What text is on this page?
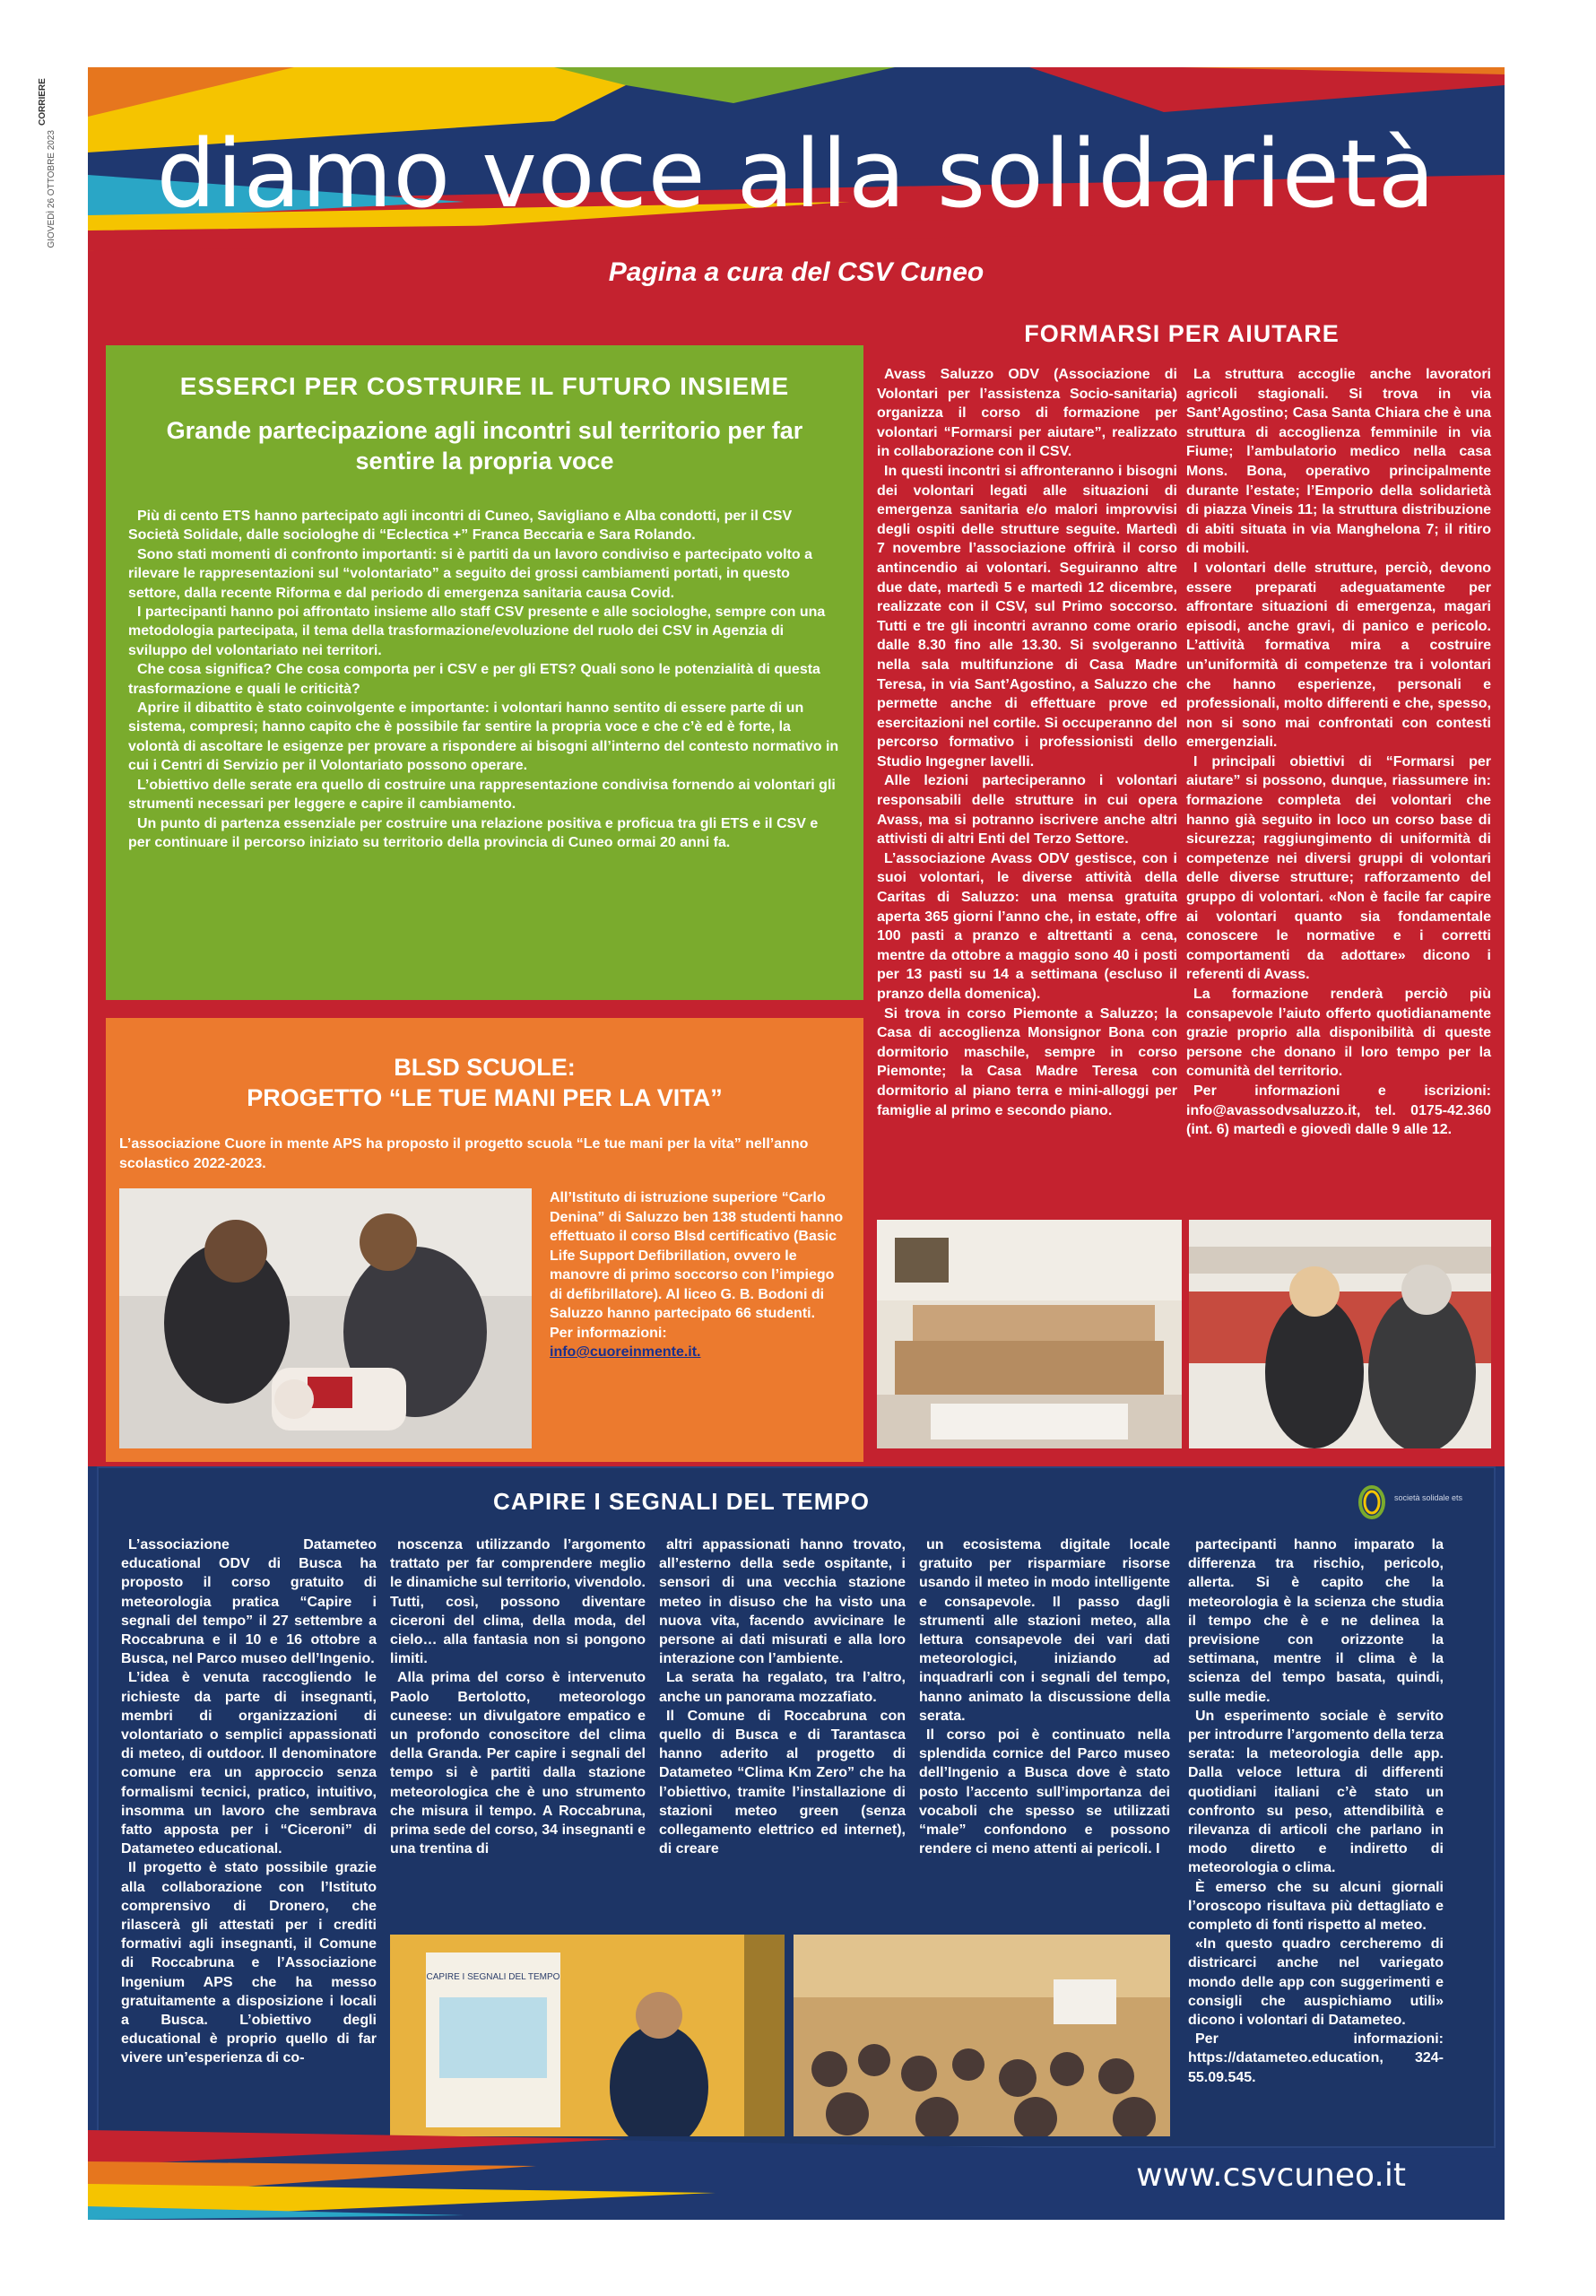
CORRIERE
GIOVEDÌ 26 OTTOBRE 2023	diamo voce alla solidarietà
Pagina a cura del CSV Cuneo
ESSERCI PER COSTRUIRE IL FUTURO INSIEME
Grande partecipazione agli incontri sul territorio per far sentire la propria voce

Più di cento ETS hanno partecipato agli incontri di Cuneo, Savigliano e Alba condotti, per il CSV Società Solidale, dalle sociologhe di “Eclectica +” Franca Beccaria e Sara Rolando.

Sono stati momenti di confronto importanti: si è partiti da un lavoro condiviso e partecipato volto a rilevare le rappresentazioni sul “volontariato” a seguito dei grossi cambiamenti portati, in questo settore, dalla recente Riforma e dal periodo di emergenza sanitaria causa Covid.

I partecipanti hanno poi affrontato insieme allo staff CSV presente e alle sociologhe, sempre con una metodologia partecipata, il tema della trasformazione/evoluzione del ruolo dei CSV in Agenzia di sviluppo del volontariato nei territori.

Che cosa significa? Che cosa comporta per i CSV e per gli ETS? Quali sono le potenzialità di questa trasformazione e quali le criticità?

Aprire il dibattito è stato coinvolgente e importante: i volontari hanno sentito di essere parte di un sistema, compresi; hanno capito che è possibile far sentire la propria voce e che c’è ed è forte, la volontà di ascoltare le esigenze per provare a rispondere ai bisogni all’interno del contesto normativo in cui i Centri di Servizio per il Volontariato possono operare.

L’obiettivo delle serate era quello di costruire una rappresentazione condivisa fornendo ai volontari gli strumenti necessari per leggere e capire il cambiamento.

Un punto di partenza essenziale per costruire una relazione positiva e proficua tra gli ETS e il CSV e per continuare il percorso iniziato su territorio della provincia di Cuneo ormai 20 anni fa.

BLSD SCUOLE:
PROGETTO “LE TUE MANI PER LA VITA”
L’associazione Cuore in mente APS ha proposto il progetto scuola “Le tue mani per la vita” nell’anno scolastico 2022-2023.
All’Istituto di istruzione superiore “Carlo Denina” di Saluzzo ben 138 studenti hanno effettuato il corso Blsd certificativo (Basic Life Support Defibrillation, ovvero le manovre di primo soccorso con l’impiego di defibrillatore). Al liceo G. B. Bodoni di Saluzzo hanno partecipato 66 studenti.
Per informazioni:
info@cuoreinmente.it.
FORMARSI PER AIUTARE

Avass Saluzzo ODV (Associazione di Volontari per l’assistenza Socio-sanitaria) organizza il corso di formazione per volontari “Formarsi per aiutare”, realizzato in collaborazione con il CSV.

In questi incontri si affronteranno i bisogni dei volontari legati alle situazioni di emergenza sanitaria e/o malori improvvisi degli ospiti delle strutture seguite. Martedì 7 novembre l’associazione offrirà il corso antincendio ai volontari. Seguiranno altre due date, martedì 5 e martedì 12 dicembre, realizzate con il CSV, sul Primo soccorso. Tutti e tre gli incontri avranno come orario dalle 8.30 fino alle 13.30. Si svolgeranno nella sala multifunzione di Casa Madre Teresa, in via Sant’Agostino, a Saluzzo che permette anche di effettuare prove ed esercitazioni nel cortile. Si occuperanno del percorso formativo i professionisti dello Studio Ingegner Iavelli.

Alle lezioni parteciperanno i volontari responsabili delle strutture in cui opera Avass, ma si potranno iscrivere anche altri attivisti di altri Enti del Terzo Settore.

L’associazione Avass ODV gestisce, con i suoi volontari, le diverse attività della Caritas di Saluzzo: una mensa gratuita aperta 365 giorni l’anno che, in estate, offre 100 pasti a pranzo e altrettanti a cena, mentre da ottobre a maggio sono 40 i posti per 13 pasti su 14 a settimana (escluso il pranzo della domenica).

Si trova in corso Piemonte a Saluzzo; la Casa di accoglienza Monsignor Bona con dormitorio maschile, sempre in corso Piemonte; la Casa Madre Teresa con dormitorio al piano terra e mini-alloggi per famiglie al primo e secondo piano.

La struttura accoglie anche lavoratori agricoli stagionali. Si trova in via Sant’Agostino; Casa Santa Chiara che è una struttura di accoglienza femminile in via Fiume; l’ambulatorio medico nella casa Mons. Bona, operativo principalmente durante l’estate; l’Emporio della solidarietà di piazza Vineis 11; la struttura distribuzione di abiti situata in via Manghelona 7; il ritiro di mobili.

I volontari delle strutture, perciò, devono essere preparati adeguatamente per affrontare situazioni di emergenza, magari episodi, anche gravi, di panico e pericolo. L’attività formativa mira a costruire un’uniformità di competenze tra i volontari che hanno esperienze, personali e professionali, molto differenti e che, spesso, non si sono mai confrontati con contesti emergenziali.

I principali obiettivi di “Formarsi per aiutare” si possono, dunque, riassumere in: formazione completa dei volontari che hanno già seguito in loco un corso base di sicurezza; raggiungimento di uniformità di competenze nei diversi gruppi di volontari delle diverse strutture; rafforzamento del gruppo di volontari. «Non è facile far capire ai volontari quanto sia fondamentale conoscere le normative e i corretti comportamenti da adottare» dicono i referenti di Avass.

La formazione renderà perciò più consapevole l’aiuto offerto quotidianamente grazie proprio alla disponibilità di queste persone che donano il loro tempo per la comunità del territorio.

Per informazioni e iscrizioni: info@avassodvsaluzzo.it, tel. 0175-42.360 (int. 6) martedì e giovedì dalle 9 alle 12.

CAPIRE I SEGNALI DEL TEMPO	società solidale ets

L’associazione Datameteo educational ODV di Busca ha proposto il corso gratuito di meteorologia pratica “Capire i segnali del tempo” il 27 settembre a Roccabruna e il 10 e 16 ottobre a Busca, nel Parco museo dell’Ingenio.

L’idea è venuta raccogliendo le richieste da parte di insegnanti, membri di organizzazioni di volontariato o semplici appassionati di meteo, di outdoor. Il denominatore comune era un approccio senza formalismi tecnici, pratico, intuitivo, insomma un lavoro che sembrava fatto apposta per i “Ciceroni” di Datameteo educational.

Il progetto è stato possibile grazie alla collaborazione con l’Istituto comprensivo di Dronero, che rilascerà gli attestati per i crediti formativi agli insegnanti, il Comune di Roccabruna e l’Associazione Ingenium APS che ha messo gratuitamente a disposizione i locali a Busca. L’obiettivo degli educational è proprio quello di far vivere un’esperienza di co-

noscenza utilizzando l’argomento trattato per far comprendere meglio le dinamiche sul territorio, vivendolo. Tutti, così, possono diventare ciceroni del clima, della moda, del cielo… alla fantasia non si pongono limiti.

Alla prima del corso è intervenuto Paolo Bertolotto, meteorologo cuneese: un divulgatore empatico e un profondo conoscitore del clima della Granda. Per capire i segnali del tempo si è partiti dalla stazione meteorologica che è uno strumento che misura il tempo. A Roccabruna, prima sede del corso, 34 insegnanti e una trentina di

altri appassionati hanno trovato, all’esterno della sede ospitante, i sensori di una vecchia stazione meteo in disuso che ha visto una nuova vita, facendo avvicinare le persone ai dati misurati e alla loro interazione con l’ambiente.

La serata ha regalato, tra l’altro, anche un panorama mozzafiato.

Il Comune di Roccabruna con quello di Busca e di Tarantasca hanno aderito al progetto di Datameteo “Clima Km Zero” che ha l’obiettivo, tramite l’installazione di stazioni meteo green (senza collegamento elettrico ed internet), di creare

un ecosistema digitale locale gratuito per risparmiare risorse usando il meteo in modo intelligente e consapevole. Il passo dagli strumenti alle stazioni meteo, alla lettura consapevole dei vari dati meteorologici, iniziando ad inquadrarli con i segnali del tempo, hanno animato la discussione della serata.

Il corso poi è continuato nella splendida cornice del Parco museo dell’Ingenio a Busca dove è stato posto l’accento sull’importanza dei vocaboli che spesso se utilizzati “male” confondono e possono rendere ci meno attenti ai pericoli. I

partecipanti hanno imparato la differenza tra rischio, pericolo, allerta. Si è capito che la meteorologia è la scienza che studia il tempo che è e ne delinea la previsione con orizzonte la settimana, mentre il clima è la scienza del tempo basata, quindi, sulle medie.

Un esperimento sociale è servito per introdurre l’argomento della terza serata: la meteorologia delle app. Dalla veloce lettura di differenti quotidiani italiani c’è stato un confronto su peso, attendibilità e rilevanza di articoli che parlano in modo diretto e indiretto di meteorologia o clima.

È emerso che su alcuni giornali l’oroscopo risultava più dettagliato e completo di fonti rispetto al meteo.

«In questo quadro cercheremo di districarci anche nel variegato mondo delle app con suggerimenti e consigli che auspichiamo utili» dicono i volontari di Datameteo.

Per informazioni: https://datameteo.education, 324-55.09.545.

CAPIRE I SEGNALI DEL TEMPO
www.csvcuneo.it
